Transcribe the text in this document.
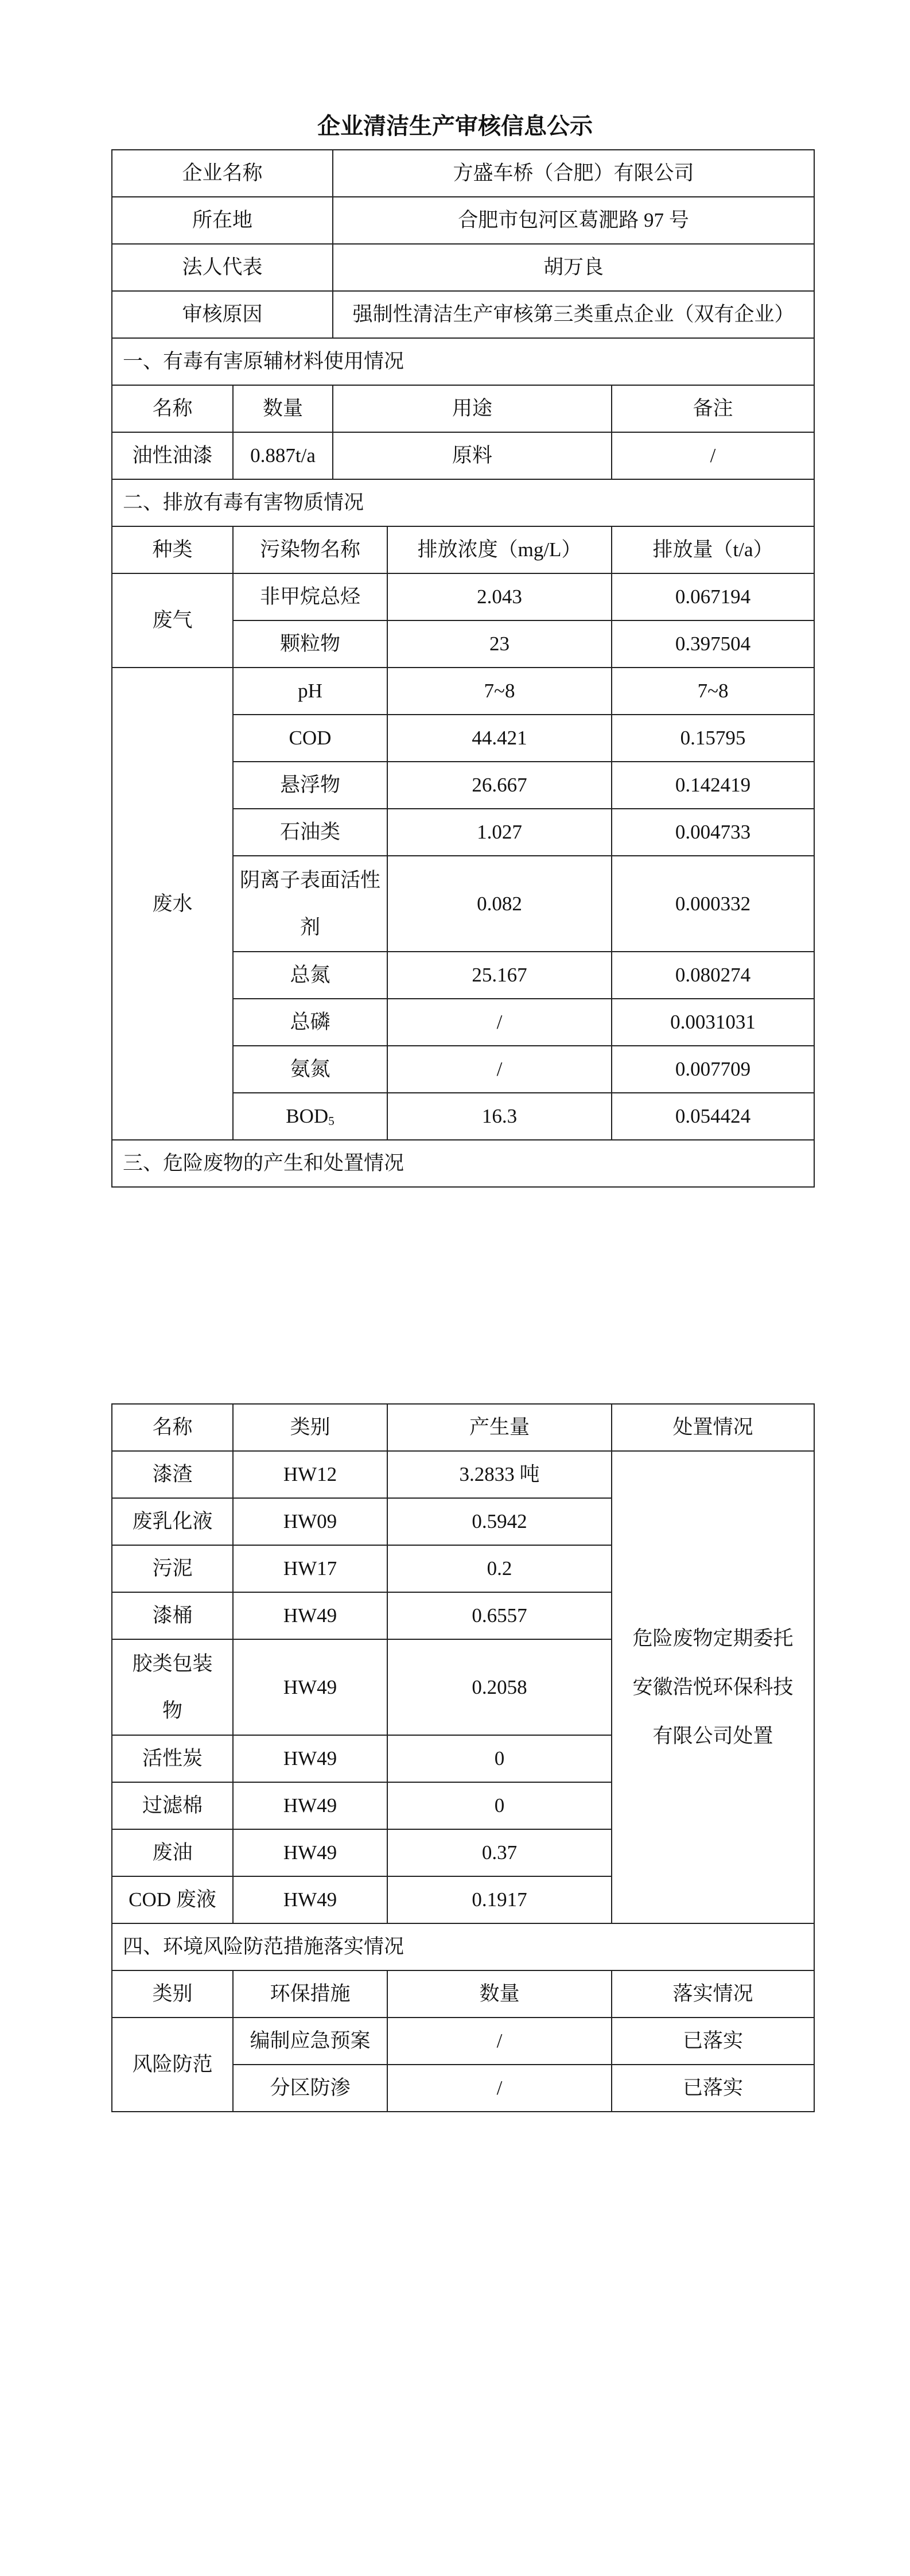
企业清洁生产审核信息公示
企业名称		方盛车桥（合肥）有限公司		
所在地		合肥市包河区葛淝路 97 号		
法人代表		胡万良		
审核原因		强制性清洁生产审核第三类重点企业（双有企业）		
一、有毒有害原辅材料使用情况				
名称	数量	用途		备注
油性油漆	0.887t/a	原料		/
二、排放有毒有害物质情况				
种类	污染物名称		排放浓度（mg/L）	排放量（t/a）
废气	非甲烷总烃		2.043	0.067194
	颗粒物		23	0.397504
废水	pH		7~8	7~8
	COD		44.421	0.15795
	悬浮物		26.667	0.142419
	石油类		1.027	0.004733
	阴离子表面活性剂		0.082	0.000332
	总氮		25.167	0.080274
	总磷		/	0.0031031
	氨氮		/	0.007709
	$BOD_5$		16.3	0.054424
三、危险废物的产生和处置情况				
名称	类别	产生量	处置情况
漆渣	HW12	3.2833 吨	危险废物定期委托安徽浩悦环保科技有限公司处置
废乳化液	HW09	0.5942	
污泥	HW17	0.2	
漆桶	HW49	0.6557	
胶类包装物	HW49	0.2058	
活性炭	HW49	0	
过滤棉	HW49	0	
废油	HW49	0.37	
COD 废液	HW49	0.1917	
四、环境风险防范措施落实情况			
类别	环保措施	数量	落实情况
风险防范	编制应急预案	/	已落实
	分区防渗	/	已落实
